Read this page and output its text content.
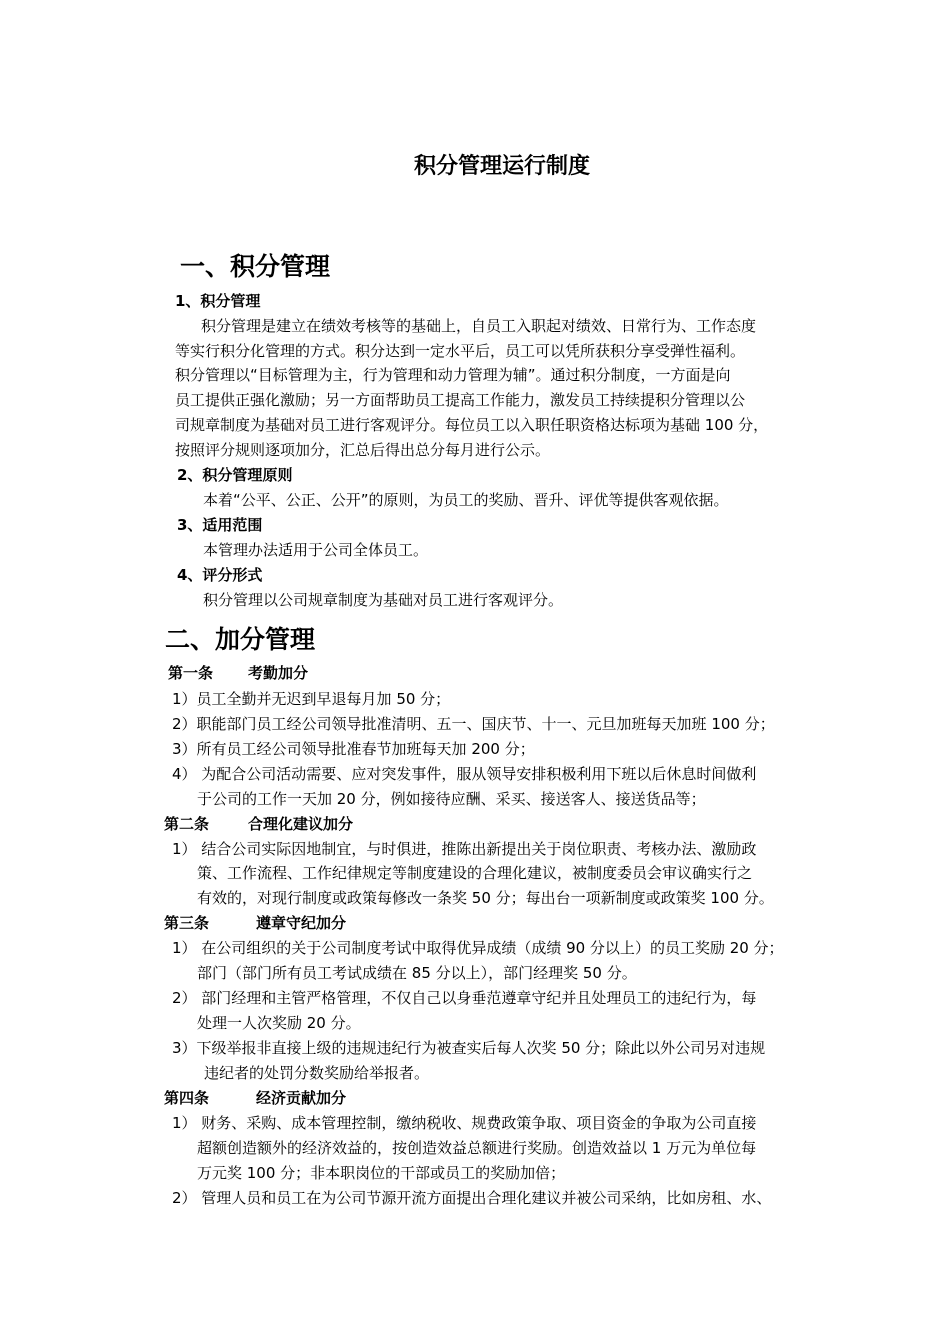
积分管理运行制度
一、积分管理
1、积分管理
积分管理是建立在绩效考核等的基础上，自员工入职起对绩效、日常行为、工作态度
等实行积分化管理的方式。积分达到一定水平后，员工可以凭所获积分享受弹性福利。
积分管理以“目标管理为主，行为管理和动力管理为辅”。通过积分制度，一方面是向
员工提供正强化激励；另一方面帮助员工提高工作能力，激发员工持续提积分管理以公
司规章制度为基础对员工进行客观评分。每位员工以入职任职资格达标项为基础 100 分，
按照评分规则逐项加分，汇总后得出总分每月进行公示。
2、积分管理原则
本着“公平、公正、公开”的原则，为员工的奖励、晋升、评优等提供客观依据。
3、适用范围
本管理办法适用于公司全体员工。
4、评分形式
积分管理以公司规章制度为基础对员工进行客观评分。
二、加分管理
第一条 考勤加分
1）员工全勤并无迟到早退每月加 50 分；
2）职能部门员工经公司领导批准清明、五一、国庆节、十一、元旦加班每天加班 100 分；
3）所有员工经公司领导批准春节加班每天加 200 分；
4） 为配合公司活动需要、应对突发事件，服从领导安排积极利用下班以后休息时间做利
于公司的工作一天加 20 分，例如接待应酬、采买、接送客人、接送货品等；
第二条	合理化建议加分
1） 结合公司实际因地制宜，与时俱进，推陈出新提出关于岗位职责、考核办法、激励政
策、工作流程、工作纪律规定等制度建设的合理化建议，被制度委员会审议确实行之
有效的，对现行制度或政策每修改一条奖 50 分；每出台一项新制度或政策奖 100 分。
第三条	遵章守纪加分
1） 在公司组织的关于公司制度考试中取得优异成绩（成绩 90 分以上）的员工奖励 20 分；
部门（部门所有员工考试成绩在 85 分以上），部门经理奖 50 分。
2） 部门经理和主管严格管理，不仅自己以身垂范遵章守纪并且处理员工的违纪行为，每
处理一人次奖励 20 分。
3）下级举报非直接上级的违规违纪行为被查实后每人次奖 50 分；除此以外公司另对违规
违纪者的处罚分数奖励给举报者。
第四条	经济贡献加分
1） 财务、采购、成本管理控制，缴纳税收、规费政策争取、项目资金的争取为公司直接
超额创造额外的经济效益的，按创造效益总额进行奖励。创造效益以 1 万元为单位每
万元奖 100 分；非本职岗位的干部或员工的奖励加倍；
2） 管理人员和员工在为公司节源开流方面提出合理化建议并被公司采纳，比如房租、水、
